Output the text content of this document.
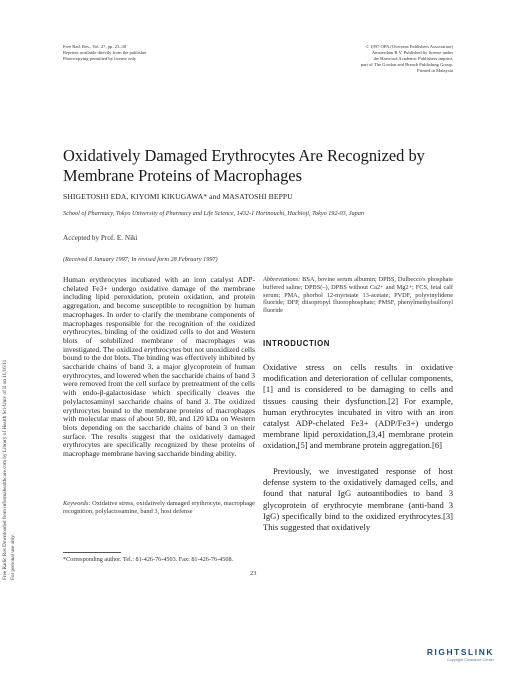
Free Rad. Res., Vol. 27, pp. 23–30
Reprints available directly from the publisher
Photocopying permitted by license only
© 1997 OPA (Overseas Publishers Association)
Amsterdam B.V. Published by license under
the Harwood Academic Publishers imprint,
part of The Gordon and Breach Publishing Group.
Printed in Malaysia
Free Radic Res Downloaded from informahealthcare.com by Library of Health Sci-Univ of Il on 11/16/11 For personal use only.
Oxidatively Damaged Erythrocytes Are Recognized by Membrane Proteins of Macrophages
SHIGETOSHI EDA, KIYOMI KIKUGAWA* and MASATOSHI BEPPU
School of Pharmacy, Tokyo University of Pharmacy and Life Science, 1432-1 Horinouchi, Hachioji, Tokyo 192-03, Japan
Accepted by Prof. E. Niki
(Received 8 January 1997; In revised form 28 February 1997)

Human erythrocytes incubated with an iron catalyst ADP-chelated Fe3+ undergo oxidative damage of the membrane including lipid peroxidation, protein oxidation, and protein aggregation, and become susceptible to recognition by human macrophages. In order to clarify the membrane components of macrophages responsible for the recognition of the oxidized erythrocytes, binding of the oxidized cells to dot and Western blots of solubilized membrane of macrophages was investigated. The oxidized erythrocytes but not unoxidized cells bound to the dot blots. The binding was effectively inhibited by saccharide chains of band 3, a major glycoprotein of human erythrocytes, and lowered when the saccharide chains of band 3 were removed from the cell surface by pretreatment of the cells with endo-β-galactosidase which specifically cleaves the polylactosaminyl saccharide chains of band 3. The oxidized erythrocytes bound to the membrane proteins of macrophages with molecular mass of about 50, 80, and 120 kDa on Western blots depending on the saccharide chains of band 3 on their surface. The results suggest that the oxidatively damaged erythrocytes are specifically recognized by these proteins of macrophage membrane having saccharide binding ability.

Keywords: Oxidative stress, oxidatively damaged erythrocyte, macrophage recognition, polylactosamine, band 3, host defense

Abbreviations: BSA, bovine serum albumin; DPBS, Dulbecco's phosphate buffered saline; DPBS(–), DPBS without Ca2+ and Mg2+; FCS, fetal calf serum; PMA, phorbol 12-myristate 13-acetate; PVDF, polyvinylidene fluoride; DFP, diisopropyl fluorophosphate; PMSF, phenylmethylsulfonyl fluoride

INTRODUCTION

Oxidative stress on cells results in oxidative modification and deterioration of cellular components,[1] and is considered to be damaging to cells and tissues causing their dysfunction.[2] For example, human erythrocytes incubated in vitro with an iron catalyst ADP-chelated Fe3+ (ADP/Fe3+) undergo membrane lipid peroxidation,[3,4] membrane protein oxidation,[5] and membrane protein aggregation.[6]

Previously, we investigated response of host defense system to the oxidatively damaged cells, and found that natural IgG autoantibodies to band 3 glycoprotein of erythrocyte membrane (anti-band 3 IgG) specifically bind to the oxidized erythrocytes.[3] This suggested that oxidatively

*Corresponding author. Tel.: 81-426-76-4503. Fax: 81-426-76-4508.
23
RIGHTSLINK
Copyright Clearance Center
